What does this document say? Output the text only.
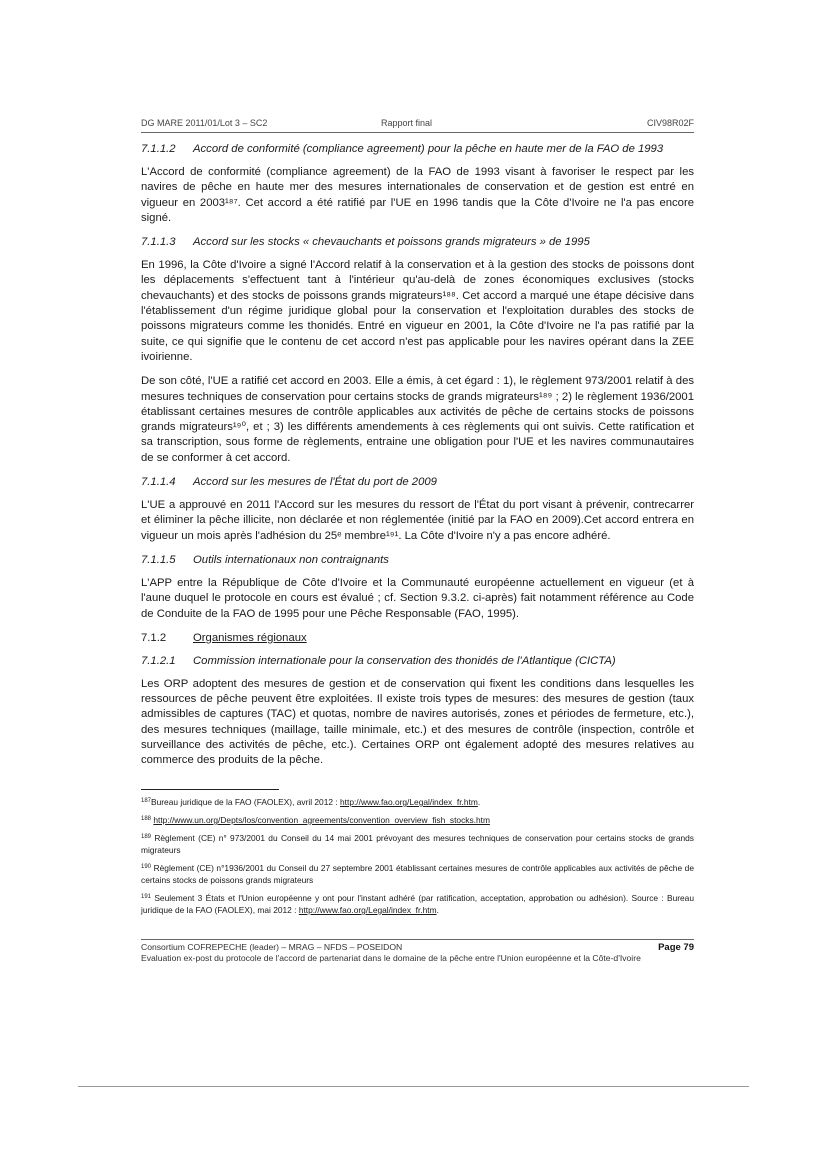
DG MARE 2011/01/Lot 3 – SC2	Rapport final	CIV98R02F
7.1.1.2 Accord de conformité (compliance agreement) pour la pêche en haute mer de la FAO de 1993

L'Accord de conformité (compliance agreement) de la FAO de 1993 visant à favoriser le respect par les navires de pêche en haute mer des mesures internationales de conservation et de gestion est entré en vigueur en 2003¹⁸⁷. Cet accord a été ratifié par l'UE en 1996 tandis que la Côte d'Ivoire ne l'a pas encore signé.

7.1.1.3 Accord sur les stocks « chevauchants et poissons grands migrateurs » de 1995

En 1996, la Côte d'Ivoire a signé l'Accord relatif à la conservation et à la gestion des stocks de poissons dont les déplacements s'effectuent tant à l'intérieur qu'au-delà de zones économiques exclusives (stocks chevauchants) et des stocks de poissons grands migrateurs¹⁸⁸. Cet accord a marqué une étape décisive dans l'établissement d'un régime juridique global pour la conservation et l'exploitation durables des stocks de poissons migrateurs comme les thonidés. Entré en vigueur en 2001, la Côte d'Ivoire ne l'a pas ratifié par la suite, ce qui signifie que le contenu de cet accord n'est pas applicable pour les navires opérant dans la ZEE ivoirienne.

De son côté, l'UE a ratifié cet accord en 2003. Elle a émis, à cet égard : 1), le règlement 973/2001 relatif à des mesures techniques de conservation pour certains stocks de grands migrateurs¹⁸⁹ ; 2) le règlement 1936/2001 établissant certaines mesures de contrôle applicables aux activités de pêche de certains stocks de poissons grands migrateurs¹⁹⁰, et ; 3) les différents amendements à ces règlements qui ont suivis. Cette ratification et sa transcription, sous forme de règlements, entraine une obligation pour l'UE et les navires communautaires de se conformer à cet accord.

7.1.1.4 Accord sur les mesures de l'État du port de 2009

L'UE a approuvé en 2011 l'Accord sur les mesures du ressort de l'État du port visant à prévenir, contrecarrer et éliminer la pêche illicite, non déclarée et non réglementée (initié par la FAO en 2009).Cet accord entrera en vigueur un mois après l'adhésion du 25ᵉ membre¹⁹¹. La Côte d'Ivoire n'y a pas encore adhéré.

7.1.1.5 Outils internationaux non contraignants

L'APP entre la République de Côte d'Ivoire et la Communauté européenne actuellement en vigueur (et à l'aune duquel le protocole en cours est évalué ; cf. Section 9.3.2. ci-après) fait notamment référence au Code de Conduite de la FAO de 1995 pour une Pêche Responsable (FAO, 1995).

7.1.2 Organismes régionaux
7.1.2.1 Commission internationale pour la conservation des thonidés de l'Atlantique (CICTA)

Les ORP adoptent des mesures de gestion et de conservation qui fixent les conditions dans lesquelles les ressources de pêche peuvent être exploitées. Il existe trois types de mesures: des mesures de gestion (taux admissibles de captures (TAC) et quotas, nombre de navires autorisés, zones et périodes de fermeture, etc.), des mesures techniques (maillage, taille minimale, etc.) et des mesures de contrôle (inspection, contrôle et surveillance des activités de pêche, etc.). Certaines ORP ont également adopté des mesures relatives au commerce des produits de la pêche.

$^{187}$Bureau juridique de la FAO (FAOLEX), avril 2012 : http://www.fao.org/Legal/index_fr.htm.
$^{188}$ http://www.un.org/Depts/los/convention_agreements/convention_overview_fish_stocks.htm
$^{189}$ Règlement (CE) n° 973/2001 du Conseil du 14 mai 2001 prévoyant des mesures techniques de conservation pour certains stocks de grands migrateurs
$^{190}$ Règlement (CE) n°1936/2001 du Conseil du 27 septembre 2001 établissant certaines mesures de contrôle applicables aux activités de pêche de certains stocks de poissons grands migrateurs
$^{191}$ Seulement 3 États et l'Union européenne y ont pour l'instant adhéré (par ratification, acceptation, approbation ou adhésion). Source : Bureau juridique de la FAO (FAOLEX), mai 2012 : http://www.fao.org/Legal/index_fr.htm.
Consortium COFREPECHE (leader) – MRAG – NFDS – POSEIDON	Page 79
Evaluation ex-post du protocole de l'accord de partenariat dans le domaine de la pêche entre l'Union européenne et la Côte-d'Ivoire
